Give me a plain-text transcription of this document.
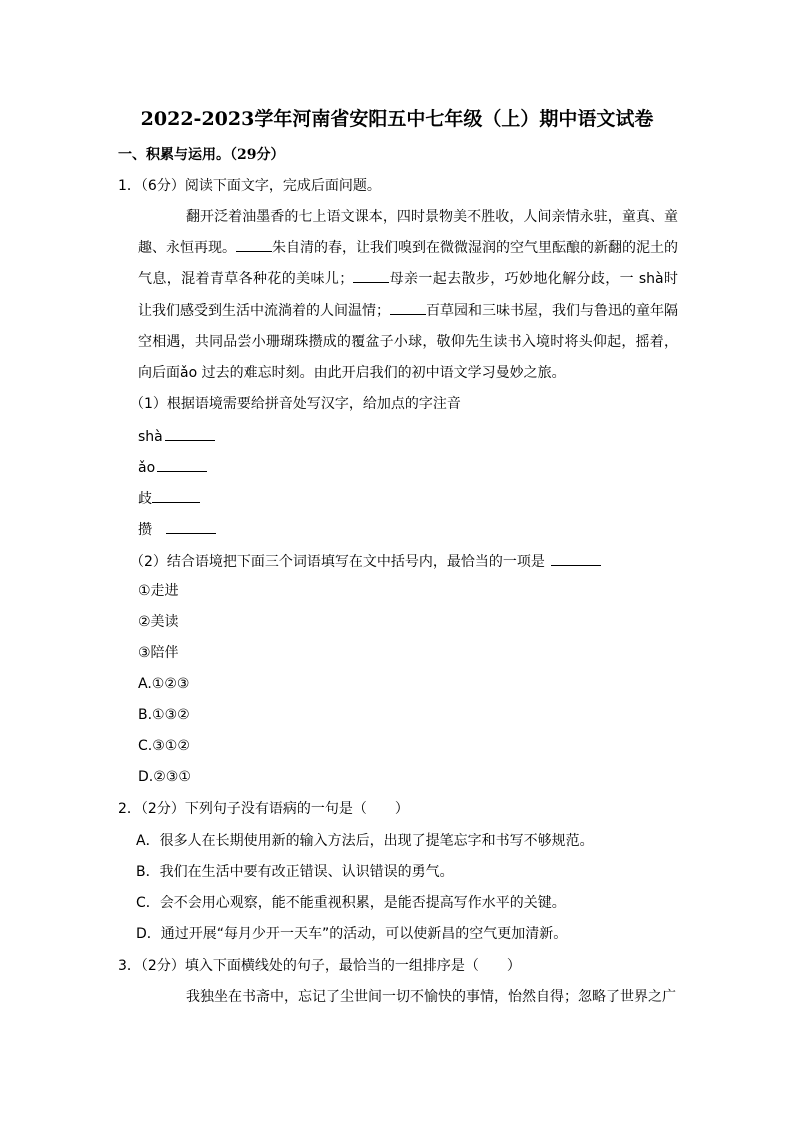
2022-2023学年河南省安阳五中七年级（上）期中语文试卷
一、积累与运用。（29分）
1．（6分）阅读下面文字，完成后面问题。
翻开泛着油墨香的七上语文课本，四时景物美不胜收，人间亲情永驻，童真、童趣、永恒再现。	朱自清的春，让我们嗅到在微微湿润的空气里酝酿的新翻的泥土的气息，混着青草各种花的美味儿；	母亲一起去散步，巧妙地化解分歧，一 shà时让我们感受到生活中流淌着的人间温情；	百草园和三味书屋，我们与鲁迅的童年隔空相遇，共同品尝小珊瑚珠攒成的覆盆子小球，敬仰先生读书入境时将头仰起，摇着，向后面ǎo 过去的难忘时刻。由此开启我们的初中语文学习曼妙之旅。
（1）根据语境需要给拼音处写汉字，给加点的字注音
shà
ǎo
歧
攒
（2）结合语境把下面三个词语填写在文中括号内，最恰当的一项是
①走进
②美读
③陪伴
A.①②③
B.①③②
C.③①②
D.②③①
2．（2分）下列句子没有语病的一句是（　　）
A．很多人在长期使用新的输入方法后，出现了提笔忘字和书写不够规范。
B．我们在生活中要有改正错误、认识错误的勇气。
C．会不会用心观察，能不能重视积累，是能否提高写作水平的关键。
D．通过开展“每月少开一天车”的活动，可以使新昌的空气更加清新。
3．（2分）填入下面横线处的句子，最恰当的一组排序是（　　）
我独坐在书斋中，忘记了尘世间一切不愉快的事情，怡然自得；忽略了世界之广
